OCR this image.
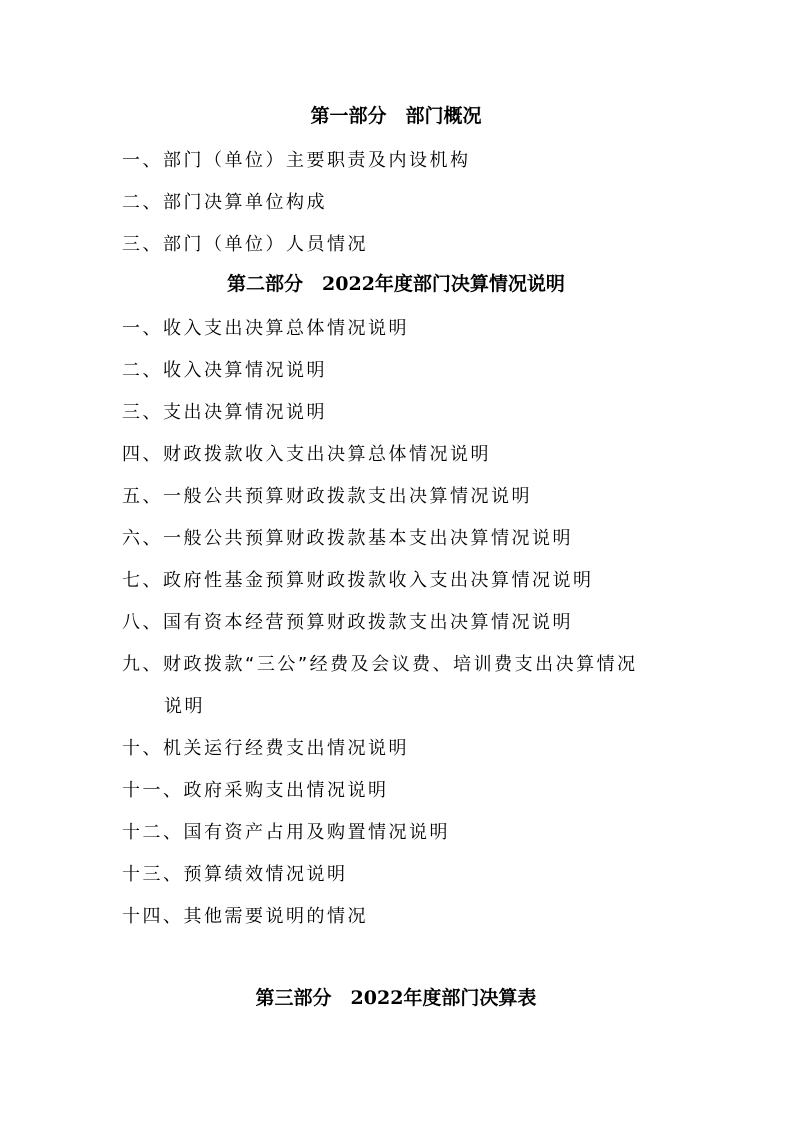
第一部分　部门概况
一、部门（单位）主要职责及内设机构
二、部门决算单位构成
三、部门（单位）人员情况
第二部分　2022年度部门决算情况说明
一、收入支出决算总体情况说明
二、收入决算情况说明
三、支出决算情况说明
四、财政拨款收入支出决算总体情况说明
五、一般公共预算财政拨款支出决算情况说明
六、一般公共预算财政拨款基本支出决算情况说明
七、政府性基金预算财政拨款收入支出决算情况说明
八、国有资本经营预算财政拨款支出决算情况说明
九、财政拨款“三公”经费及会议费、培训费支出决算情况
说明
十、机关运行经费支出情况说明
十一、政府采购支出情况说明
十二、国有资产占用及购置情况说明
十三、预算绩效情况说明
十四、其他需要说明的情况
第三部分　2022年度部门决算表
